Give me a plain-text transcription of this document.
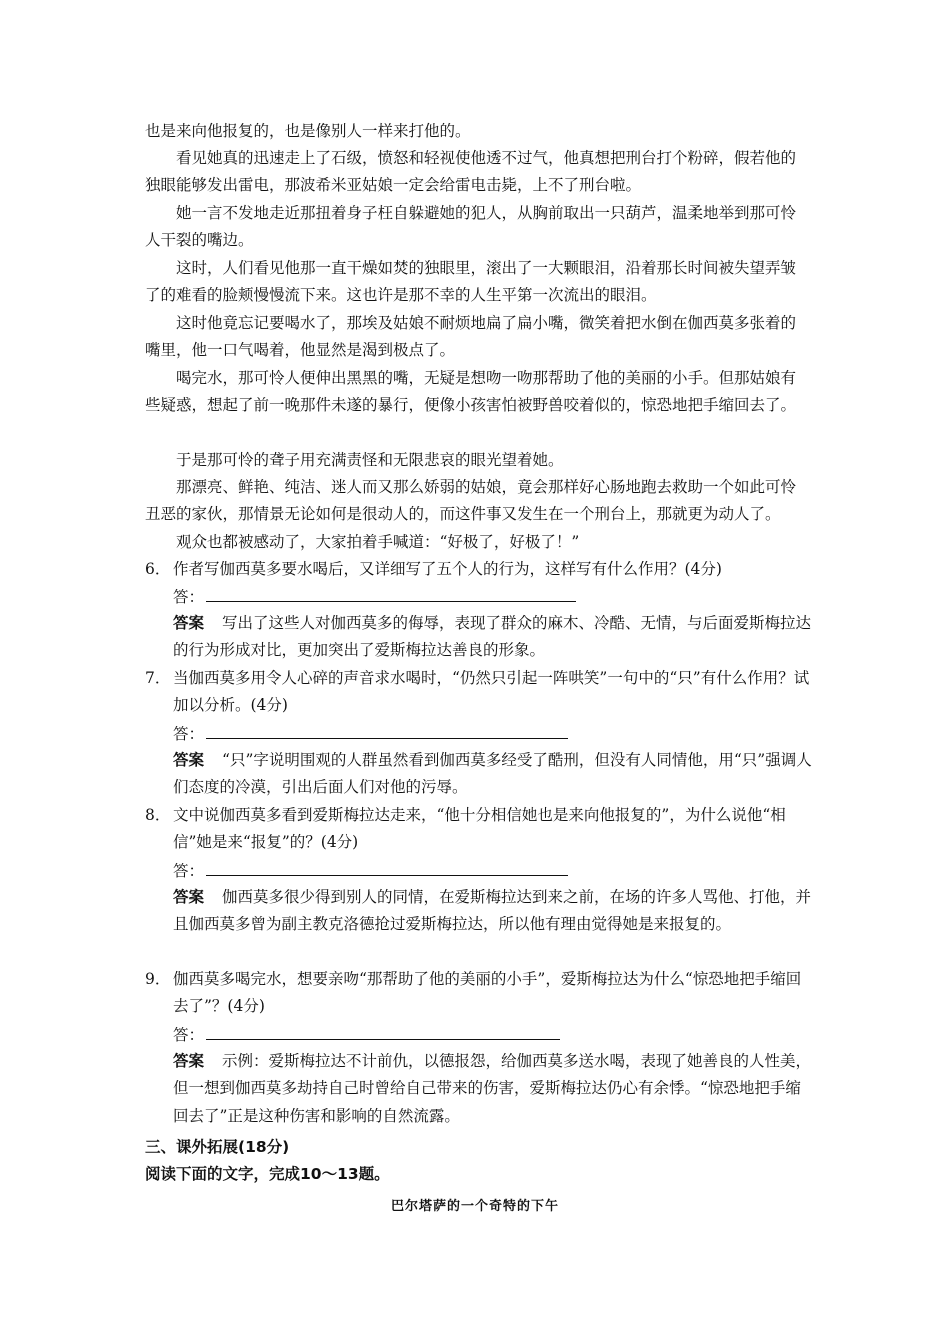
也是来向他报复的，也是像别人一样来打他的。

看见她真的迅速走上了石级，愤怒和轻视使他透不过气，他真想把刑台打个粉碎，假若他的独眼能够发出雷电，那波希米亚姑娘一定会给雷电击毙，上不了刑台啦。

她一言不发地走近那扭着身子枉自躲避她的犯人，从胸前取出一只葫芦，温柔地举到那可怜人干裂的嘴边。

这时，人们看见他那一直干燥如焚的独眼里，滚出了一大颗眼泪，沿着那长时间被失望弄皱了的难看的脸颊慢慢流下来。这也许是那不幸的人生平第一次流出的眼泪。

这时他竟忘记要喝水了，那埃及姑娘不耐烦地扁了扁小嘴，微笑着把水倒在伽西莫多张着的嘴里，他一口气喝着，他显然是渴到极点了。

喝完水，那可怜人便伸出黑黑的嘴，无疑是想吻一吻那帮助了他的美丽的小手。但那姑娘有些疑惑，想起了前一晚那件未遂的暴行，便像小孩害怕被野兽咬着似的，惊恐地把手缩回去了。

于是那可怜的聋子用充满责怪和无限悲哀的眼光望着她。

那漂亮、鲜艳、纯洁、迷人而又那么娇弱的姑娘，竟会那样好心肠地跑去救助一个如此可怜丑恶的家伙，那情景无论如何是很动人的，而这件事又发生在一个刑台上，那就更为动人了。

观众也都被感动了，大家拍着手喊道：“好极了，好极了！”

6． 作者写伽西莫多要水喝后，又详细写了五个人的行为，这样写有什么作用？(4分)
答：
答案 写出了这些人对伽西莫多的侮辱，表现了群众的麻木、冷酷、无情，与后面爱斯梅拉达的行为形成对比，更加突出了爱斯梅拉达善良的形象。
7． 当伽西莫多用令人心碎的声音求水喝时，“仍然只引起一阵哄笑”一句中的“只”有什么作用？试加以分析。(4分)
答：
答案 “只”字说明围观的人群虽然看到伽西莫多经受了酷刑，但没有人同情他，用“只”强调人们态度的冷漠，引出后面人们对他的污辱。
8． 文中说伽西莫多看到爱斯梅拉达走来，“他十分相信她也是来向他报复的”，为什么说他“相信”她是来“报复”的？(4分)
答：
答案 伽西莫多很少得到别人的同情，在爱斯梅拉达到来之前，在场的许多人骂他、打他，并且伽西莫多曾为副主教克洛德抢过爱斯梅拉达，所以他有理由觉得她是来报复的。
9． 伽西莫多喝完水，想要亲吻“那帮助了他的美丽的小手”，爱斯梅拉达为什么“惊恐地把手缩回去了”？(4分)
答：
答案 示例：爱斯梅拉达不计前仇，以德报怨，给伽西莫多送水喝，表现了她善良的人性美，但一想到伽西莫多劫持自己时曾给自己带来的伤害，爱斯梅拉达仍心有余悸。“惊恐地把手缩回去了”正是这种伤害和影响的自然流露。
三、课外拓展(18分)
阅读下面的文字，完成10～13题。
巴尔塔萨的一个奇特的下午
